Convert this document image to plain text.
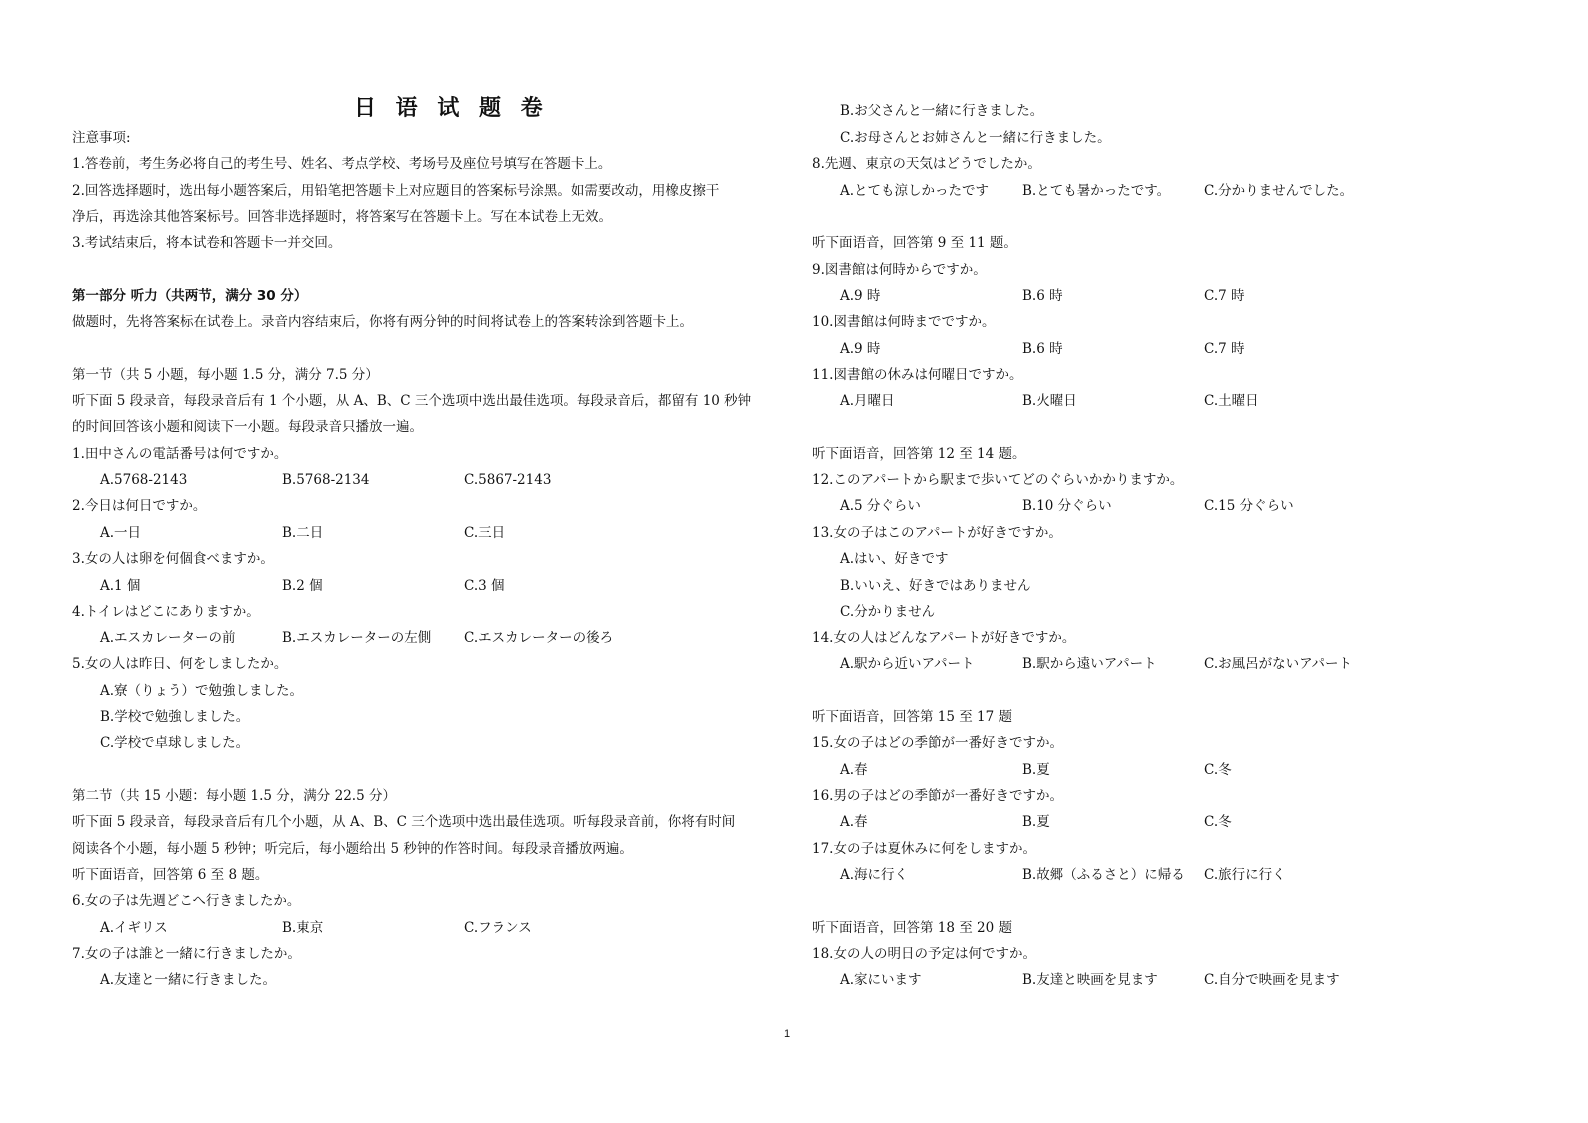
日 语 试 题 卷
注意事项:
1.答卷前，考生务必将自己的考生号、姓名、考点学校、考场号及座位号填写在答题卡上。
2.回答选择题时，选出每小题答案后，用铅笔把答题卡上对应题目的答案标号涂黑。如需要改动，用橡皮擦干
净后，再选涂其他答案标号。回答非选择题时，将答案写在答题卡上。写在本试卷上无效。
3.考试结束后，将本试卷和答题卡一并交回。
第一部分 听力（共两节，满分 30 分）
做题时，先将答案标在试卷上。录音内容结束后，你将有两分钟的时间将试卷上的答案转涂到答题卡上。
第一节（共 5 小题，每小题 1.5 分，满分 7.5 分）
听下面 5 段录音，每段录音后有 1 个小题，从 A、B、C 三个选项中选出最佳选项。每段录音后，都留有 10 秒钟
的时间回答该小题和阅读下一小题。每段录音只播放一遍。
1.田中さんの電話番号は何ですか。
A.5768-2143	B.5768-2134	C.5867-2143
2.今日は何日ですか。
A.一日	B.二日	C.三日
3.女の人は卵を何個食べますか。
A.1 個	B.2 個	C.3 個
4.トイレはどこにありますか。
A.エスカレーターの前	B.エスカレーターの左側 C.エスカレーターの後ろ
5.女の人は昨日、何をしましたか。
A.寮（りょう）で勉強しました。
B.学校で勉強しました。
C.学校で卓球しました。
第二节（共 15 小题：每小题 1.5 分，满分 22.5 分）
听下面 5 段录音，每段录音后有几个小题，从 A、B、C 三个选项中选出最佳选项。听每段录音前，你将有时间
阅读各个小题，每小题 5 秒钟；听完后，每小题给出 5 秒钟的作答时间。每段录音播放两遍。
听下面语音，回答第 6 至 8 题。
6.女の子は先週どこへ行きましたか。
A.イギリス	B.東京	C.フランス
7.女の子は誰と一緒に行きましたか。
A.友達と一緒に行きました。
B.お父さんと一緒に行きました。
C.お母さんとお姉さんと一緒に行きました。
8.先週、東京の天気はどうでしたか。
A.とても涼しかったです B.とても暑かったです。	C.分かりませんでした。
听下面语音，回答第 9 至 11 题。
9.図書館は何時からですか。
A.9 時	B.6 時	C.7 時
10.図書館は何時までですか。
A.9 時	B.6 時	C.7 時
11.図書館の休みは何曜日ですか。
A.月曜日	B.火曜日	C.土曜日
听下面语音，回答第 12 至 14 题。
12.このアパートから駅まで歩いてどのぐらいかかりますか。
A.5 分ぐらい	B.10 分ぐらい	C.15 分ぐらい
13.女の子はこのアパートが好きですか。
A.はい、好きです
B.いいえ、好きではありません
C.分かりません
14.女の人はどんなアパートが好きですか。
A.駅から近いアパート	B.駅から遠いアパート	C.お風呂がないアパート
听下面语音，回答第 15 至 17 题
15.女の子はどの季節が一番好きですか。
A.春	B.夏	C.冬
16.男の子はどの季節が一番好きですか。
A.春	B.夏	C.冬
17.女の子は夏休みに何をしますか。
A.海に行く	B.故郷（ふるさと）に帰る C.旅行に行く
听下面语音，回答第 18 至 20 题
18.女の人の明日の予定は何ですか。
A.家にいます	B.友達と映画を見ます	C.自分で映画を見ます
1
